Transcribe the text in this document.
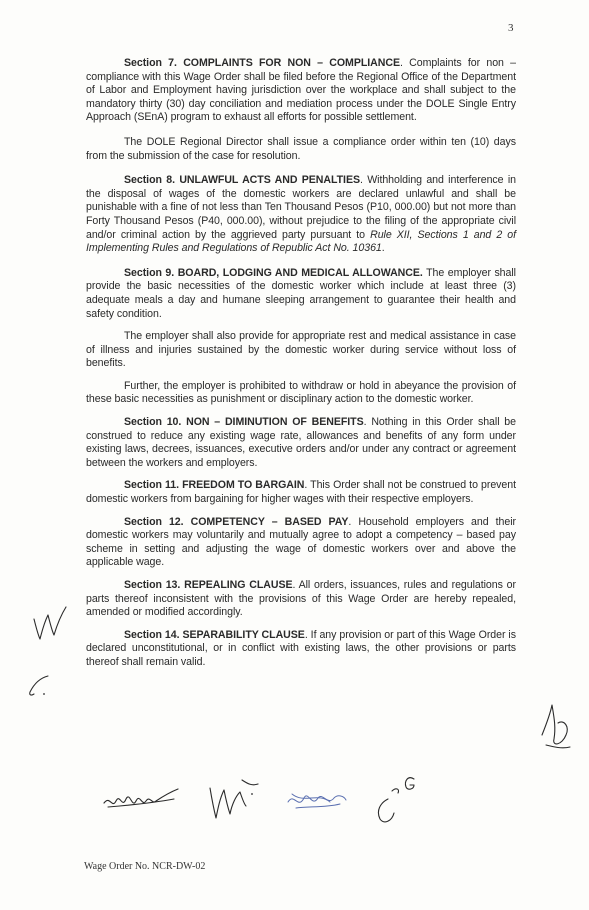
3

Section 7. COMPLAINTS FOR NON – COMPLIANCE. Complaints for non – compliance with this Wage Order shall be filed before the Regional Office of the Department of Labor and Employment having jurisdiction over the workplace and shall subject to the mandatory thirty (30) day conciliation and mediation process under the DOLE Single Entry Approach (SEnA) program to exhaust all efforts for possible settlement.

The DOLE Regional Director shall issue a compliance order within ten (10) days from the submission of the case for resolution.

Section 8. UNLAWFUL ACTS AND PENALTIES. Withholding and interference in the disposal of wages of the domestic workers are declared unlawful and shall be punishable with a fine of not less than Ten Thousand Pesos (P10, 000.00) but not more than Forty Thousand Pesos (P40, 000.00), without prejudice to the filing of the appropriate civil and/or criminal action by the aggrieved party pursuant to Rule XII, Sections 1 and 2 of Implementing Rules and Regulations of Republic Act No. 10361.

Section 9. BOARD, LODGING AND MEDICAL ALLOWANCE. The employer shall provide the basic necessities of the domestic worker which include at least three (3) adequate meals a day and humane sleeping arrangement to guarantee their health and safety condition.

The employer shall also provide for appropriate rest and medical assistance in case of illness and injuries sustained by the domestic worker during service without loss of benefits.

Further, the employer is prohibited to withdraw or hold in abeyance the provision of these basic necessities as punishment or disciplinary action to the domestic worker.

Section 10. NON – DIMINUTION OF BENEFITS. Nothing in this Order shall be construed to reduce any existing wage rate, allowances and benefits of any form under existing laws, decrees, issuances, executive orders and/or under any contract or agreement between the workers and employers.

Section 11. FREEDOM TO BARGAIN. This Order shall not be construed to prevent domestic workers from bargaining for higher wages with their respective employers.

Section 12. COMPETENCY – BASED PAY. Household employers and their domestic workers may voluntarily and mutually agree to adopt a competency – based pay scheme in setting and adjusting the wage of domestic workers over and above the applicable wage.

Section 13. REPEALING CLAUSE. All orders, issuances, rules and regulations or parts thereof inconsistent with the provisions of this Wage Order are hereby repealed, amended or modified accordingly.

Section 14. SEPARABILITY CLAUSE. If any provision or part of this Wage Order is declared unconstitutional, or in conflict with existing laws, the other provisions or parts thereof shall remain valid.

Wage Order No. NCR-DW-02
